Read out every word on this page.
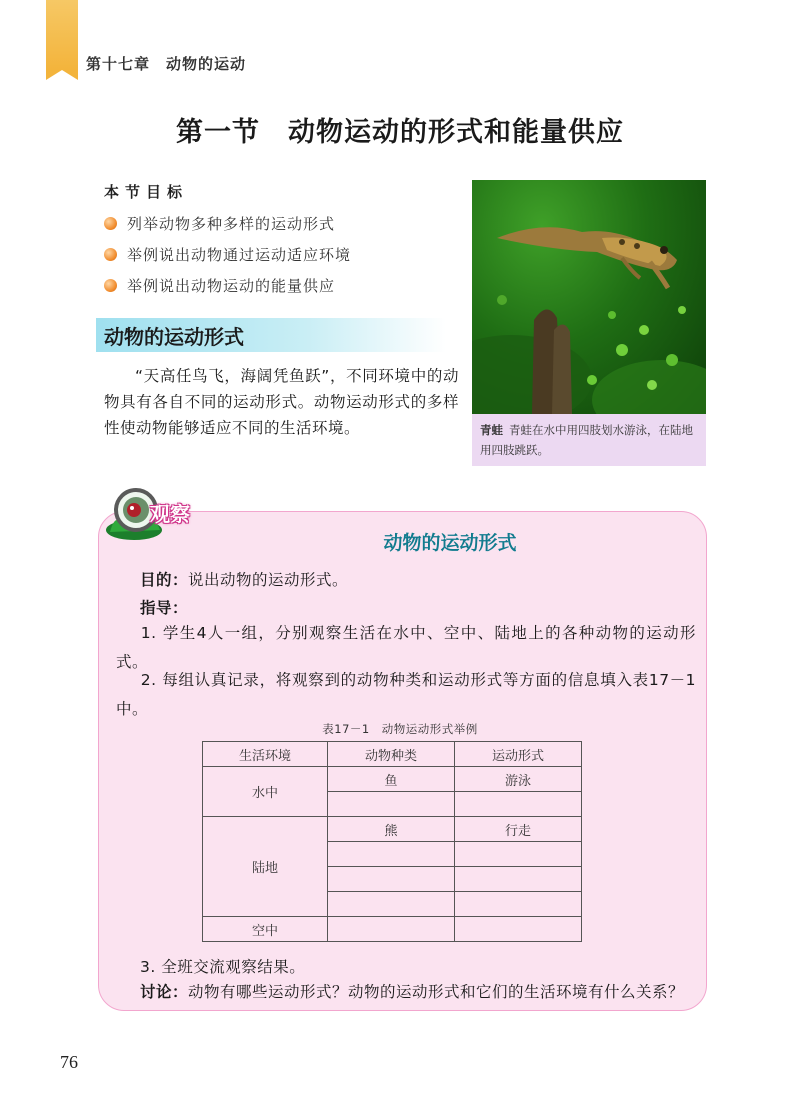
第十七章　动物的运动
第一节　动物运动的形式和能量供应
本节目标
列举动物多种多样的运动形式
举例说出动物通过运动适应环境
举例说出动物运动的能量供应
动物的运动形式

“天高任鸟飞，海阔凭鱼跃”，不同环境中的动物具有各自不同的运动形式。动物运动形式的多样性使动物能够适应不同的生活环境。	青蛙 青蛙在水中用四肢划水游泳，在陆地用四肢跳跃。
观察
动物的运动形式
目的：说出动物的运动形式。
指导：

1. 学生4人一组，分别观察生活在水中、空中、陆地上的各种动物的运动形式。

2. 每组认真记录，将观察到的动物种类和运动形式等方面的信息填入表17－1中。

表17－1　动物运动形式举例
生活环境	动物种类	运动形式
水中	鱼	游泳

陆地	熊	行走

空中		
3. 全班交流观察结果。
讨论：动物有哪些运动形式？动物的运动形式和它们的生活环境有什么关系？
76
